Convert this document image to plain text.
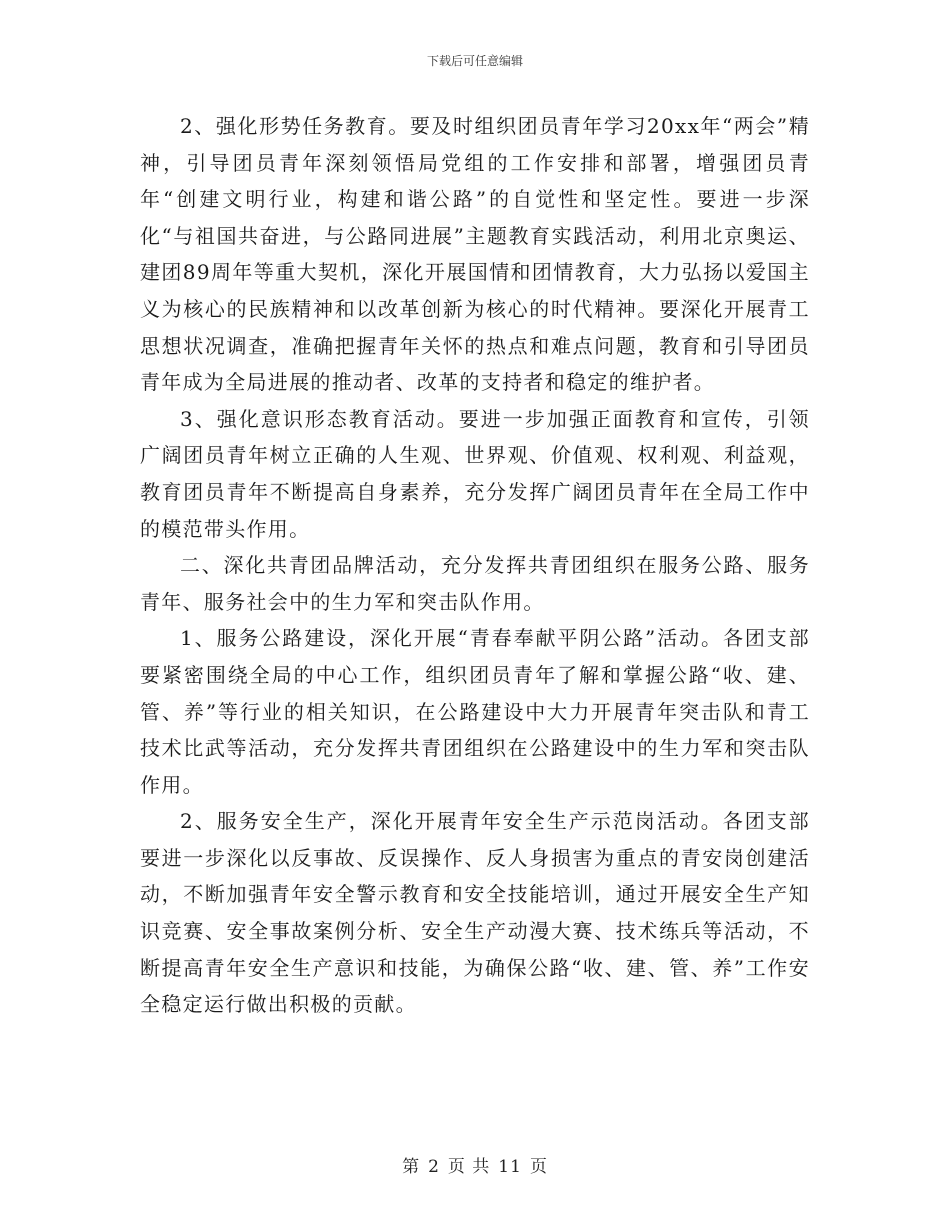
下载后可任意编辑

2、强化形势任务教育。要及时组织团员青年学习20xx年“两会”精神，引导团员青年深刻领悟局党组的工作安排和部署，增强团员青年“创建文明行业，构建和谐公路”的自觉性和坚定性。要进一步深化“与祖国共奋进，与公路同进展”主题教育实践活动，利用北京奥运、建团89周年等重大契机，深化开展国情和团情教育，大力弘扬以爱国主义为核心的民族精神和以改革创新为核心的时代精神。要深化开展青工思想状况调查，准确把握青年关怀的热点和难点问题，教育和引导团员青年成为全局进展的推动者、改革的支持者和稳定的维护者。

3、强化意识形态教育活动。要进一步加强正面教育和宣传，引领广阔团员青年树立正确的人生观、世界观、价值观、权利观、利益观，教育团员青年不断提高自身素养，充分发挥广阔团员青年在全局工作中的模范带头作用。

二、深化共青团品牌活动，充分发挥共青团组织在服务公路、服务青年、服务社会中的生力军和突击队作用。

1、服务公路建设，深化开展“青春奉献平阴公路”活动。各团支部要紧密围绕全局的中心工作，组织团员青年了解和掌握公路“收、建、管、养”等行业的相关知识，在公路建设中大力开展青年突击队和青工技术比武等活动，充分发挥共青团组织在公路建设中的生力军和突击队作用。

2、服务安全生产，深化开展青年安全生产示范岗活动。各团支部要进一步深化以反事故、反误操作、反人身损害为重点的青安岗创建活动，不断加强青年安全警示教育和安全技能培训，通过开展安全生产知识竞赛、安全事故案例分析、安全生产动漫大赛、技术练兵等活动，不断提高青年安全生产意识和技能，为确保公路“收、建、管、养”工作安全稳定运行做出积极的贡献。

第 2 页 共 11 页
